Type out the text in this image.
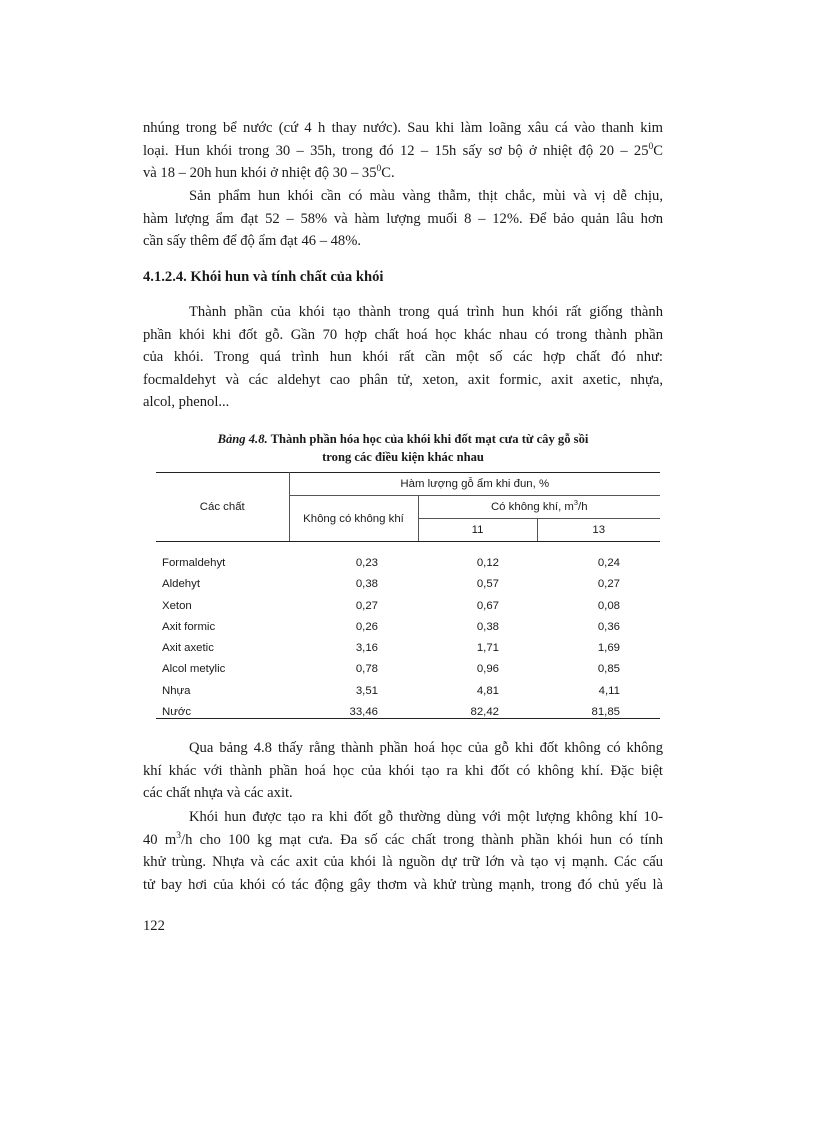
nhúng trong bể nước (cứ 4 h thay nước). Sau khi làm loãng xâu cá vào thanh kim
loại. Hun khói trong 30 – 35h, trong đó 12 – 15h sấy sơ bộ ở nhiệt độ $20 - 25^0C$
và 18 – 20h hun khói ở nhiệt độ $30 - 35^0C$.
Sản phẩm hun khói cần có màu vàng thẫm, thịt chắc, mùi và vị dễ chịu,
hàm lượng ẩm đạt 52 – 58% và hàm lượng muối 8 – 12%. Để bảo quản lâu hơn
cần sấy thêm để độ ẩm đạt 46 – 48%.
4.1.2.4. Khói hun và tính chất của khói
Thành phần của khói tạo thành trong quá trình hun khói rất giống thành
phần khói khi đốt gỗ. Gần 70 hợp chất hoá học khác nhau có trong thành phần
của khói. Trong quá trình hun khói rất cần một số các hợp chất đó như:
focmaldehyt và các aldehyt cao phân tử, xeton, axit formic, axit axetic, nhựa,
alcol, phenol...
Bảng 4.8. Thành phần hóa học của khói khi đốt mạt cưa từ cây gỗ sồi
trong các điều kiện khác nhau
Các chất	Hàm lượng gỗ ẩm khi đun, %		
	Không có không khí	Có không khí, $m^3/h$	
		11	13
Formaldehyt	0,23	0,12	0,24
Aldehyt	0,38	0,57	0,27
Xeton	0,27	0,67	0,08
Axit formic	0,26	0,38	0,36
Axit axetic	3,16	1,71	1,69
Alcol metylic	0,78	0,96	0,85
Nhựa	3,51	4,81	4,11
Nước	33,46	82,42	81,85
Qua bảng 4.8 thấy rằng thành phần hoá học của gỗ khi đốt không có không
khí khác với thành phần hoá học của khói tạo ra khi đốt có không khí. Đặc biệt
các chất nhựa và các axit.
Khói hun được tạo ra khi đốt gỗ thường dùng với một lượng không khí 10-
40 $m^3/h$ cho 100 kg mạt cưa. Đa số các chất trong thành phần khói hun có tính
khử trùng. Nhựa và các axit của khói là nguồn dự trữ lớn và tạo vị mạnh. Các cấu
tử bay hơi của khói có tác động gây thơm và khử trùng mạnh, trong đó chủ yếu là
122
